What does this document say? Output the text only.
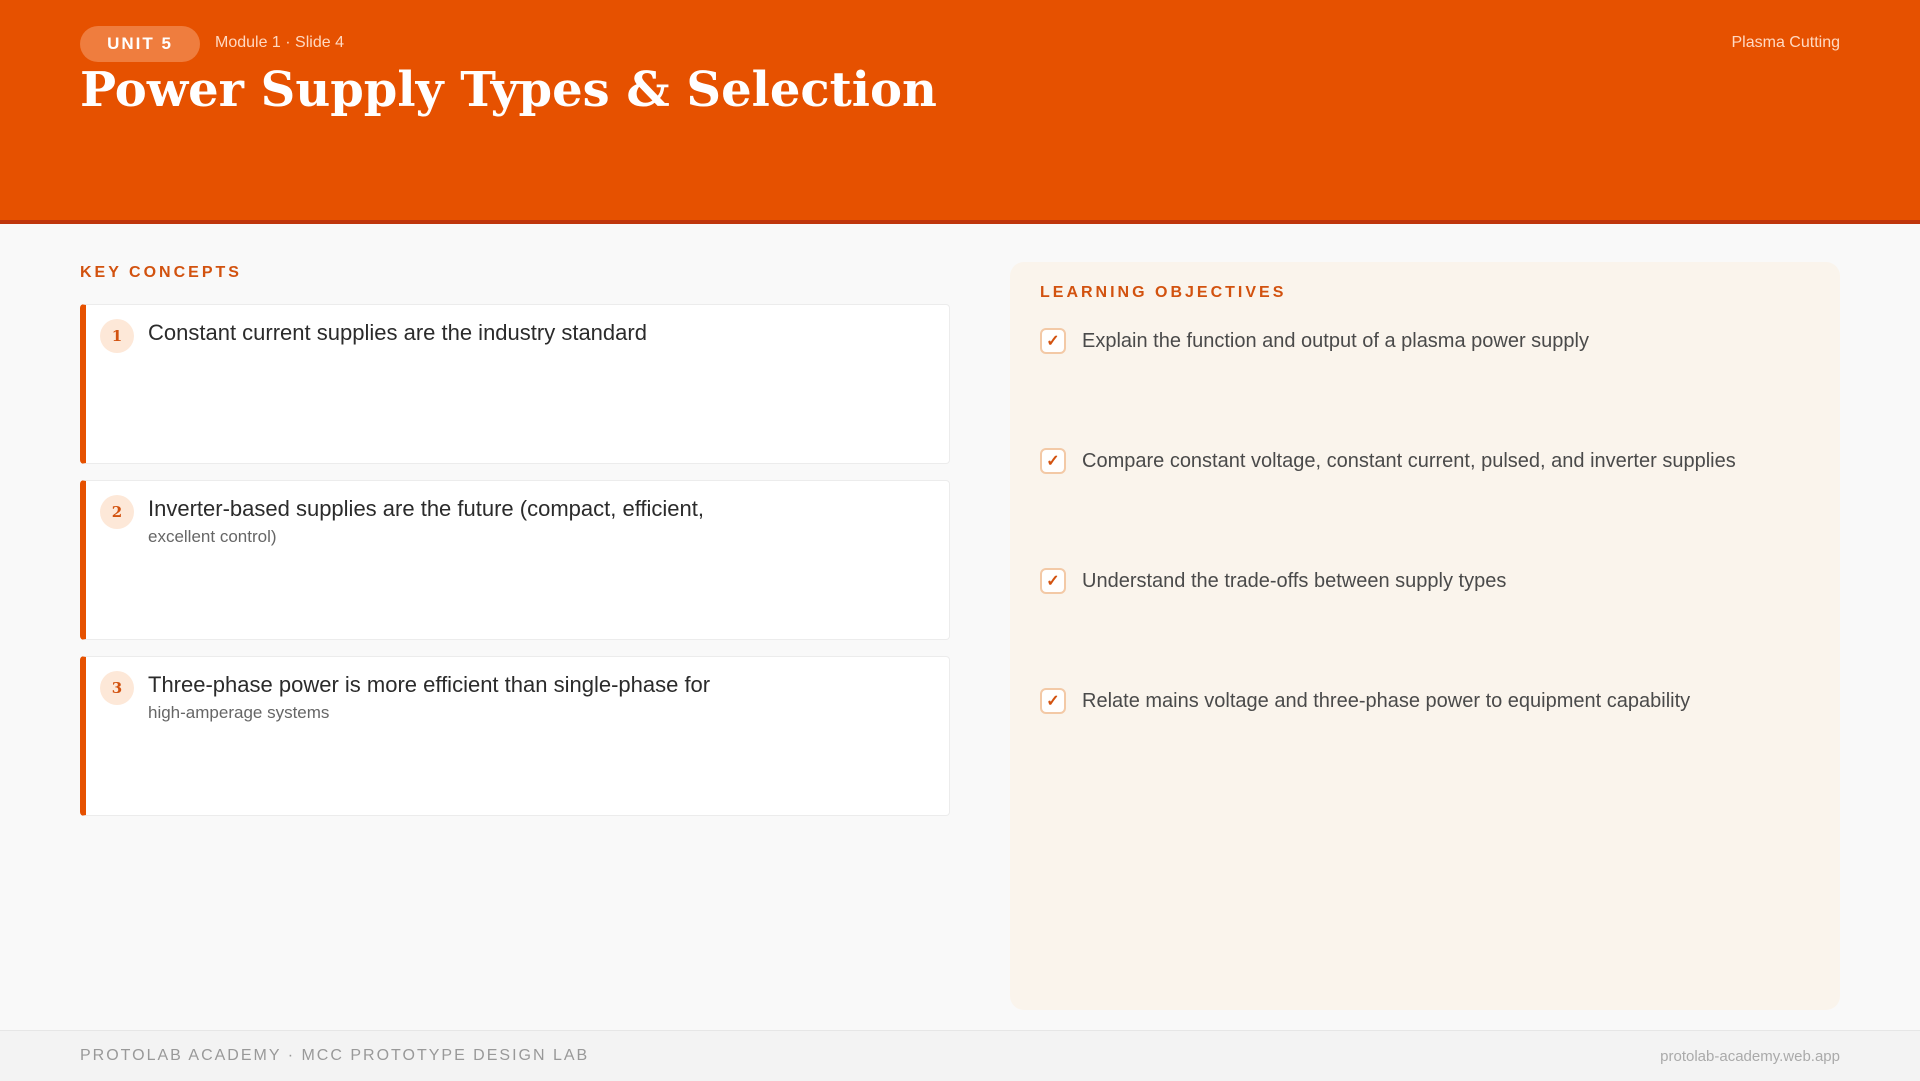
UNIT 5	Module 1 · Slide 4	Plasma Cutting
Power Supply Types & Selection
KEY CONCEPTS
1	Constant current supplies are the industry standard
2	Inverter-based supplies are the future (compact, efficient,
excellent control)
3	Three-phase power is more efficient than single-phase for
high-amperage systems
LEARNING OBJECTIVES
✓	Explain the function and output of a plasma power supply
✓	Compare constant voltage, constant current, pulsed, and inverter supplies
✓	Understand the trade-offs between supply types
✓	Relate mains voltage and three-phase power to equipment capability
PROTOLAB ACADEMY · MCC PROTOTYPE DESIGN LAB	protolab-academy.web.app
